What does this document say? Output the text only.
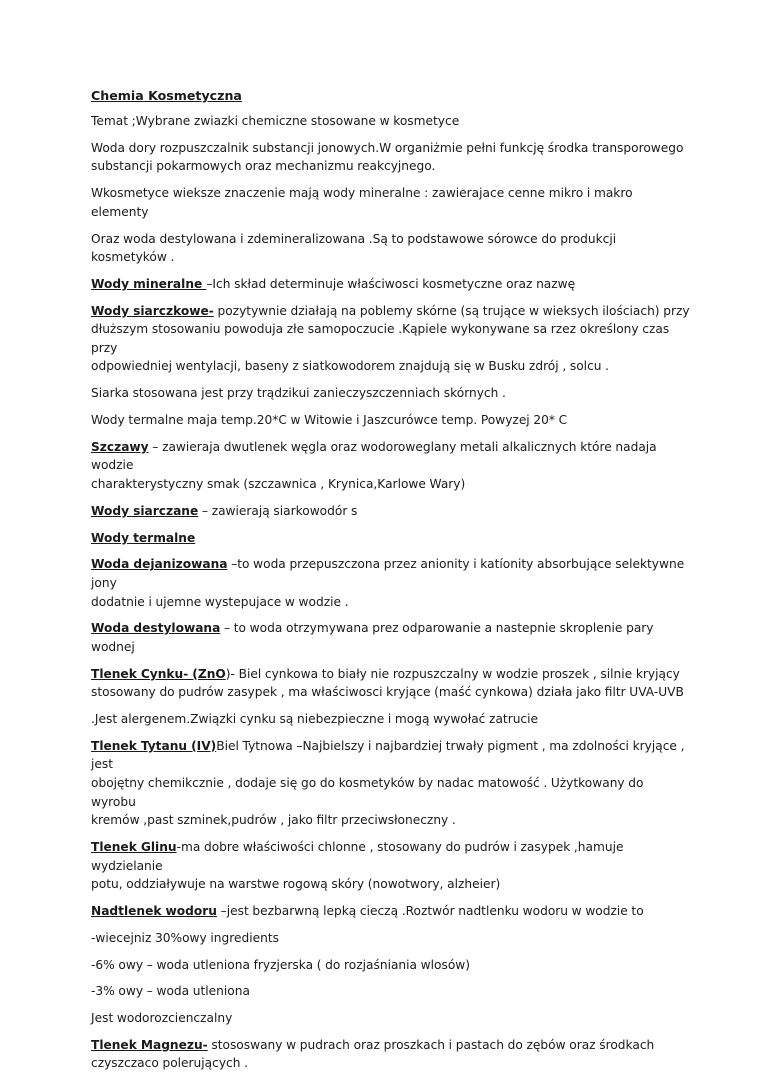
Chemia Kosmetyczna
Temat ;Wybrane zwiazki chemiczne stosowane w kosmetyce
Woda dory rozpuszczalnik substancji jonowych.W organiżmie pełni funkcję środka transporowego
substancji pokarmowych oraz mechanizmu reakcyjnego.
Wkosmetyce wieksze znaczenie mają wody mineralne : zawierajace cenne mikro i makro elementy
Oraz woda destylowana i zdemineralizowana .Są to podstawowe sórowce do produkcji kosmetyków .
Wody mineralne –Ich skład determinuje właściwosci kosmetyczne oraz nazwę
Wody siarczkowe- pozytywnie działają na poblemy skórne (są trujące w wieksych ilościach) przy
dłuższym stosowaniu powoduja złe samopoczucie .Kąpiele wykonywane sa rzez określony czas przy
odpowiedniej wentylacji, baseny z siatkowodorem znajdują się w Busku zdrój , solcu .
Siarka stosowana jest przy trądzikui zanieczyszczenniach skórnych .
Wody termalne maja temp.20*C w Witowie i Jaszcurówce temp. Powyzej 20* C
Szczawy – zawieraja dwutlenek węgla oraz wodoroweglany metali alkalicznych które nadaja wodzie
charakterystyczny smak (szczawnica , Krynica,Karlowe Wary)
Wody siarczane – zawierają siarkowodór s
Wody termalne
Woda dejanizowana –to woda przepuszczona przez anionity i katíonity absorbujące selektywne jony
dodatnie i ujemne wystepujace w wodzie .
Woda destylowana – to woda otrzymywana prez odparowanie a nastepnie skroplenie pary wodnej
Tlenek Cynku- (ZnO)- Biel cynkowa to biały nie rozpuszczalny w wodzie proszek , silnie kryjący
stosowany do pudrów zasypek , ma właściwosci kryjące (maść cynkowa) działa jako filtr UVA-UVB
.Jest alergenem.Związki cynku są niebezpieczne i mogą wywołać zatrucie
Tlenek Tytanu (IV)Biel Tytnowa –Najbielszy i najbardziej trwały pigment , ma zdolności kryjące , jest
obojętny chemikcznie , dodaje się go do kosmetyków by nadac matowość . Użytkowany do wyrobu
kremów ,past szminek,pudrów , jako filtr przeciwsłoneczny .
Tlenek Glinu-ma dobre właściwości chlonne , stosowany do pudrów i zasypek ,hamuje wydzielanie
potu, oddziaływuje na warstwe rogową skóry (nowotwory, alzheier)
Nadtlenek wodoru –jest bezbarwną lepką cieczą .Roztwór nadtlenku wodoru w wodzie to
-wiecejniz 30%owy ingredients
-6% owy – woda utleniona fryzjerska ( do rozjaśniania wlosów)
-3% owy – woda utleniona
Jest wodorozcienczalny
Tlenek Magnezu- stososwany w pudrach oraz proszkach i pastach do zębów oraz środkach
czyszczaco polerujących .
